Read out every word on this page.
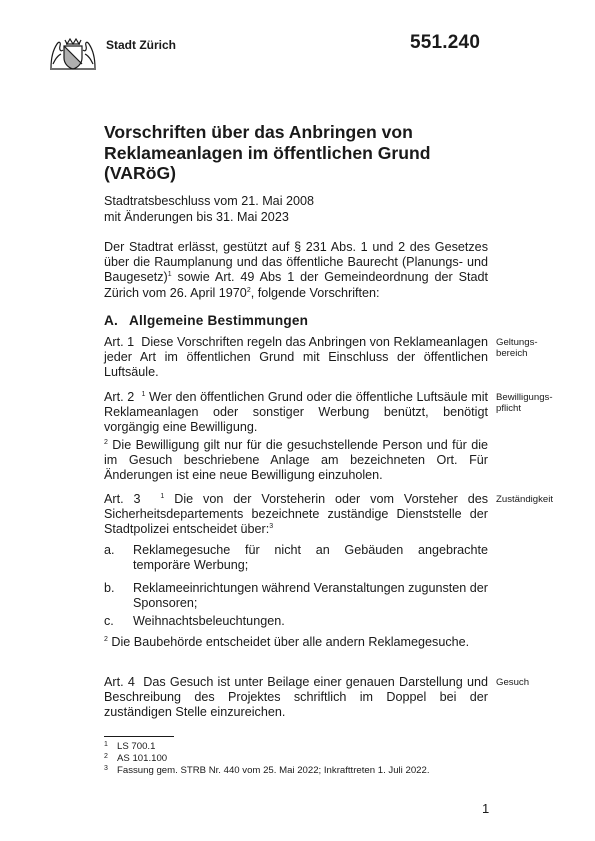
Stadt Zürich	551.240
Vorschriften über das Anbringen von
Reklameanlagen im öffentlichen Grund
(VARöG)
Stadtratsbeschluss vom 21. Mai 2008
mit Änderungen bis 31. Mai 2023
Der Stadtrat erlässt, gestützt auf § 231 Abs. 1 und 2 des Gesetzes über die Raumplanung und das öffentliche Baurecht (Planungs- und Baugesetz)$^1$ sowie Art. 49 Abs 1 der Gemeindeordnung der Stadt Zürich vom 26. April 1970$^2$, folgende Vorschriften:
A. Allgemeine Bestimmungen
Art. 1 Diese Vorschriften regeln das Anbringen von Reklameanlagen jeder Art im öffentlichen Grund mit Einschluss der öffentlichen Luftsäule.
Geltungs-
bereich
Art. 2 $^1$ Wer den öffentlichen Grund oder die öffentliche Luftsäule mit Reklameanlagen oder sonstiger Werbung benützt, benötigt vorgängig eine Bewilligung.
Bewilligungs-
pflicht
$^2$ Die Bewilligung gilt nur für die gesuchstellende Person und für die im Gesuch beschriebene Anlage am bezeichneten Ort. Für Änderungen ist eine neue Bewilligung einzuholen.
Art. 3	$^1$ Die von der Vorsteherin oder vom Vorsteher des Sicherheitsdepartements bezeichnete zuständige Dienststelle der Stadtpolizei entscheidet über:$^3$
Zuständigkeit
a. Reklamegesuche für nicht an Gebäuden angebrachte temporäre Werbung;
b. Reklameeinrichtungen während Veranstaltungen zugunsten der Sponsoren;
c. Weihnachtsbeleuchtungen.
$^2$ Die Baubehörde entscheidet über alle andern Reklamegesuche.
Art. 4 Das Gesuch ist unter Beilage einer genauen Darstellung und Beschreibung des Projektes schriftlich im Doppel bei der zuständigen Stelle einzureichen.
Gesuch
1 LS 700.1
2 AS 101.100
3 Fassung gem. STRB Nr. 440 vom 25. Mai 2022; Inkrafttreten 1. Juli 2022.
1
